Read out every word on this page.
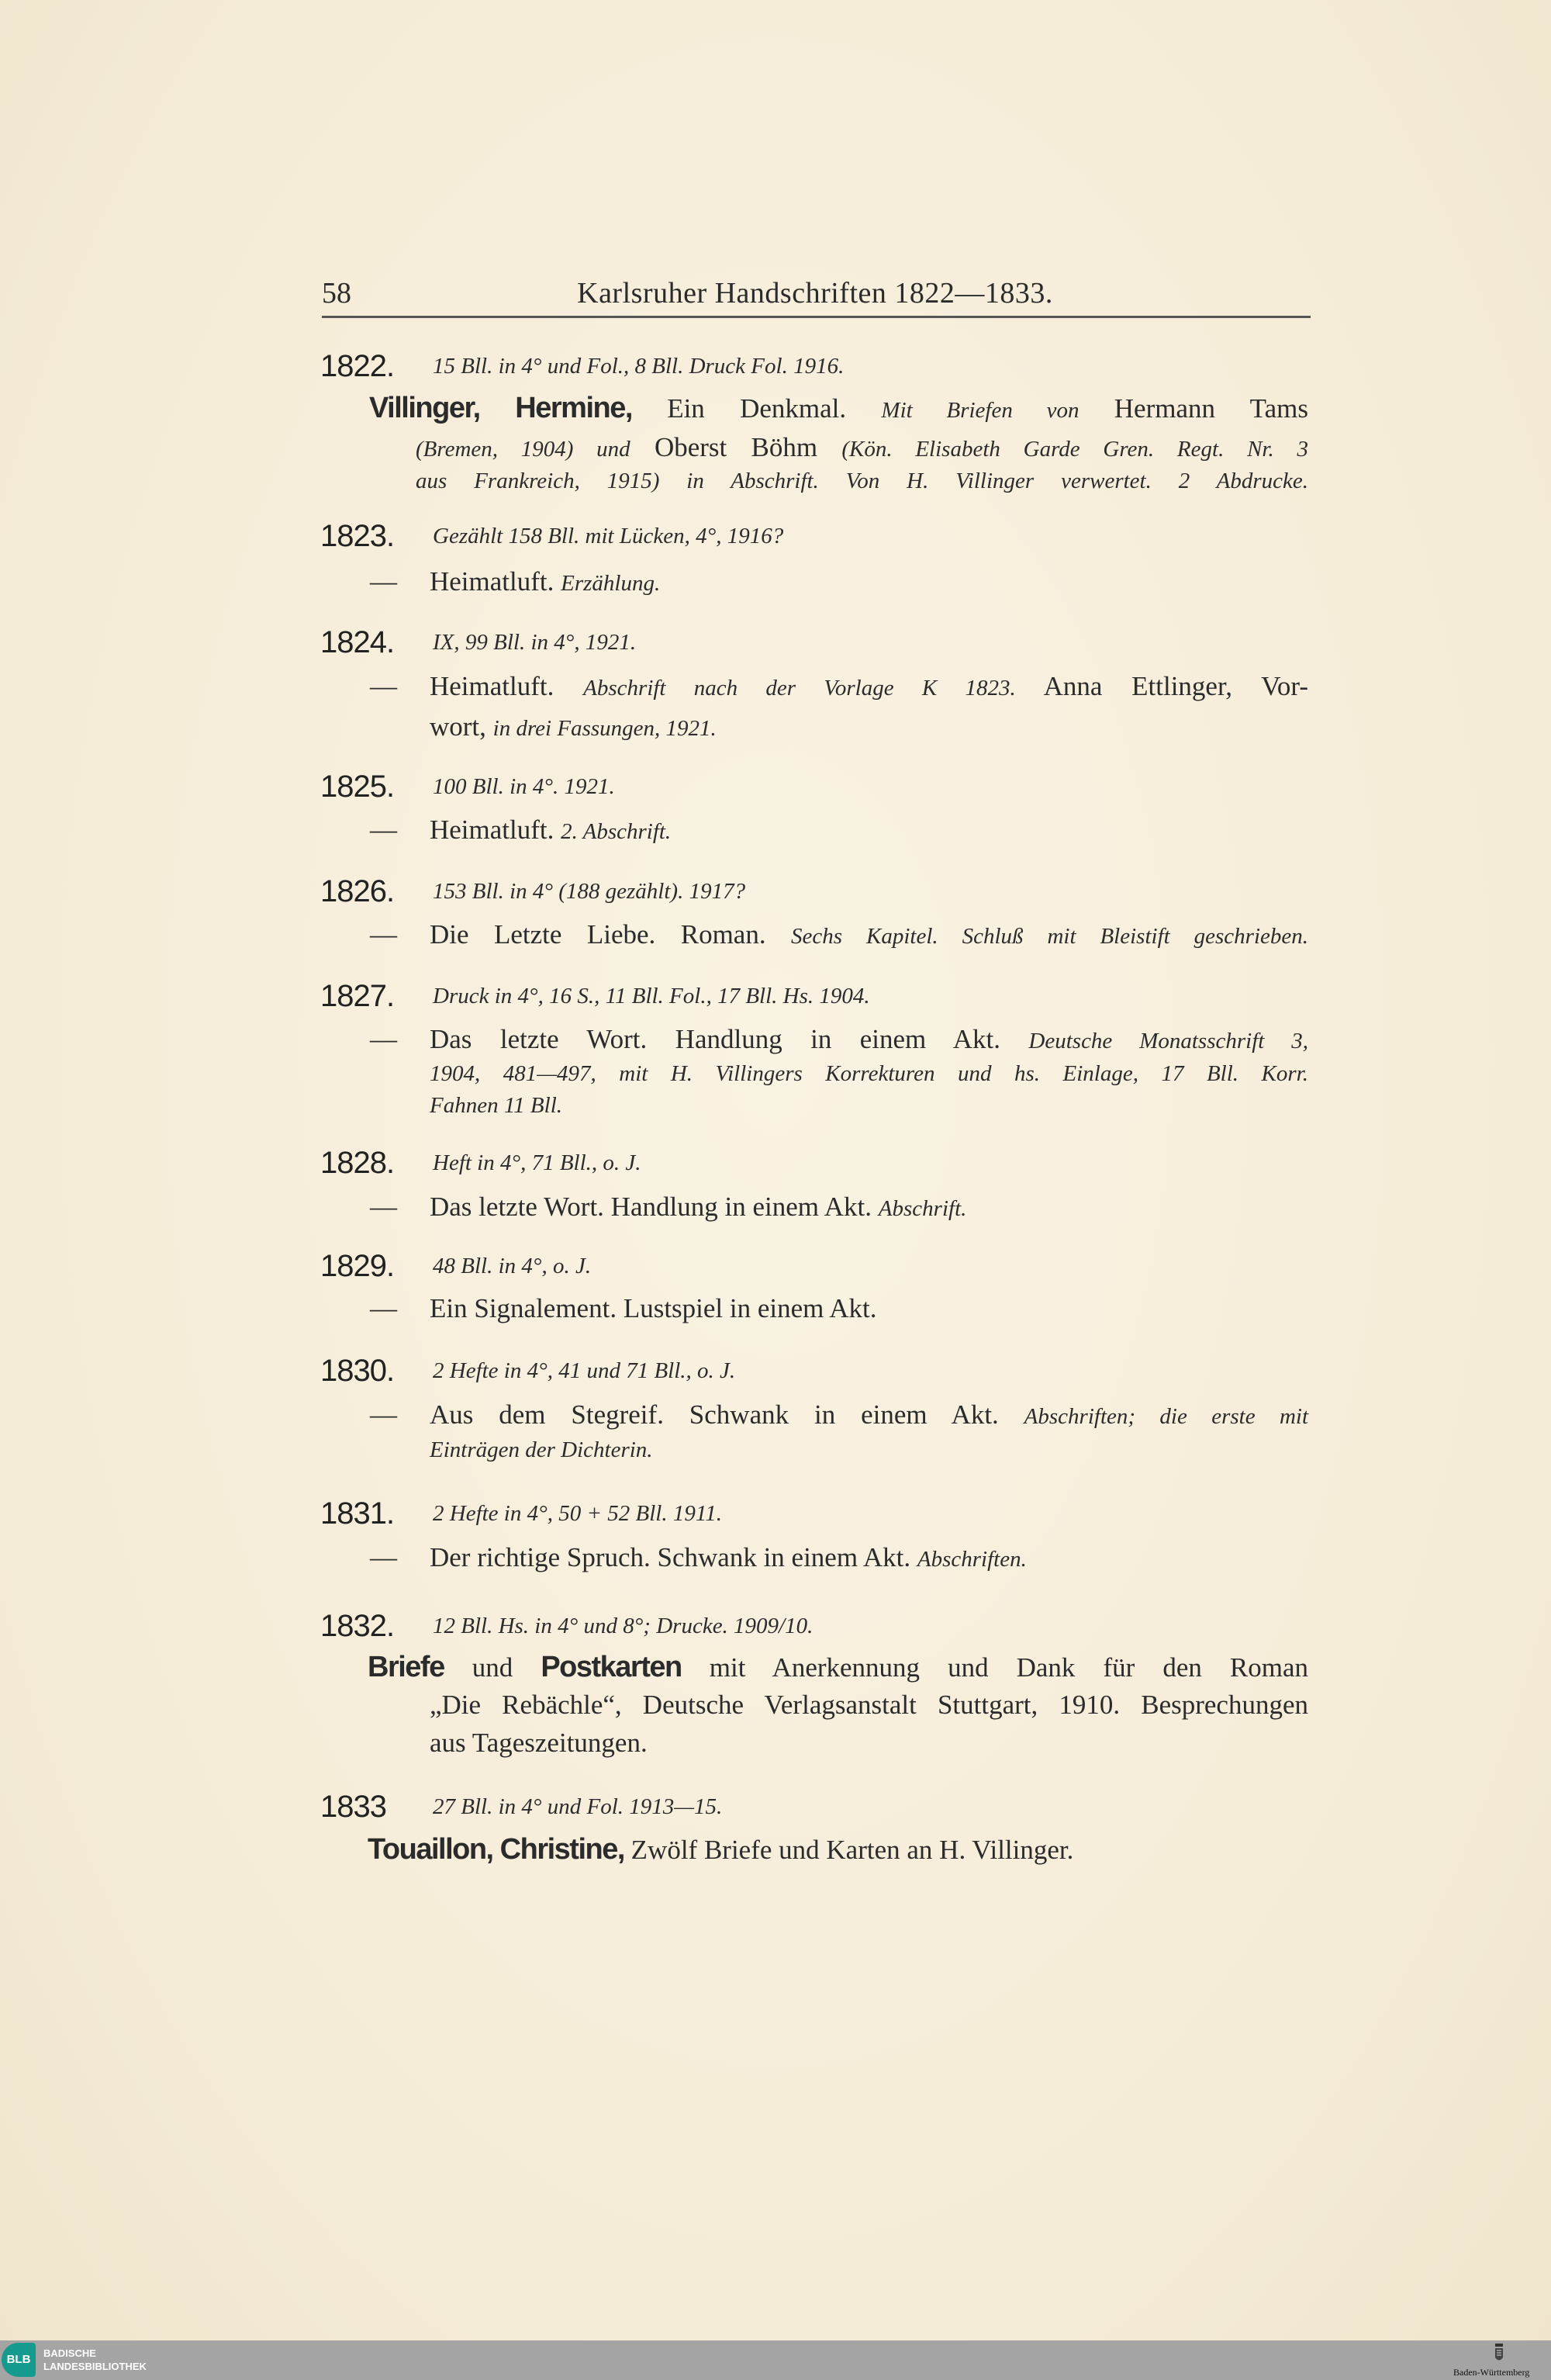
58	Karlsruher Handschriften 1822—1833.
1822. 15 Bll. in 4° und Fol., 8 Bll. Druck Fol. 1916.
Villinger, Hermine, Ein Denkmal. Mit Briefen von Hermann Tams
(Bremen, 1904) und Oberst Böhm (Kön. Elisabeth Garde Gren. Regt. Nr. 3
aus Frankreich, 1915) in Abschrift. Von H. Villinger verwertet. 2 Abdrucke.
1823. Gezählt 158 Bll. mit Lücken, 4°, 1916?
— Heimatluft. Erzählung.
1824. IX, 99 Bll. in 4°, 1921.
— Heimatluft. Abschrift nach der Vorlage K 1823. Anna Ettlinger, Vor-
wort, in drei Fassungen, 1921.
1825. 100 Bll. in 4°. 1921.
— Heimatluft. 2. Abschrift.
1826. 153 Bll. in 4° (188 gezählt). 1917?
— Die Letzte Liebe. Roman. Sechs Kapitel. Schluß mit Bleistift geschrieben.
1827. Druck in 4°, 16 S., 11 Bll. Fol., 17 Bll. Hs. 1904.
— Das letzte Wort. Handlung in einem Akt. Deutsche Monatsschrift 3,
1904, 481—497, mit H. Villingers Korrekturen und hs. Einlage, 17 Bll. Korr.
Fahnen 11 Bll.
1828. Heft in 4°, 71 Bll., o. J.
— Das letzte Wort. Handlung in einem Akt. Abschrift.
1829. 48 Bll. in 4°, o. J.
— Ein Signalement. Lustspiel in einem Akt.
1830. 2 Hefte in 4°, 41 und 71 Bll., o. J.
— Aus dem Stegreif. Schwank in einem Akt. Abschriften; die erste mit
Einträgen der Dichterin.
1831. 2 Hefte in 4°, 50 + 52 Bll. 1911.
— Der richtige Spruch. Schwank in einem Akt. Abschriften.
1832. 12 Bll. Hs. in 4° und 8°; Drucke. 1909/10.
Briefe und Postkarten mit Anerkennung und Dank für den Roman
„Die Rebächle“, Deutsche Verlagsanstalt Stuttgart, 1910. Besprechungen
aus Tageszeitungen.
1833 27 Bll. in 4° und Fol. 1913—15.
Touaillon, Christine, Zwölf Briefe und Karten an H. Villinger.
BLB	BADISCHE
LANDESBIBLIOTHEK	Baden-Württemberg
